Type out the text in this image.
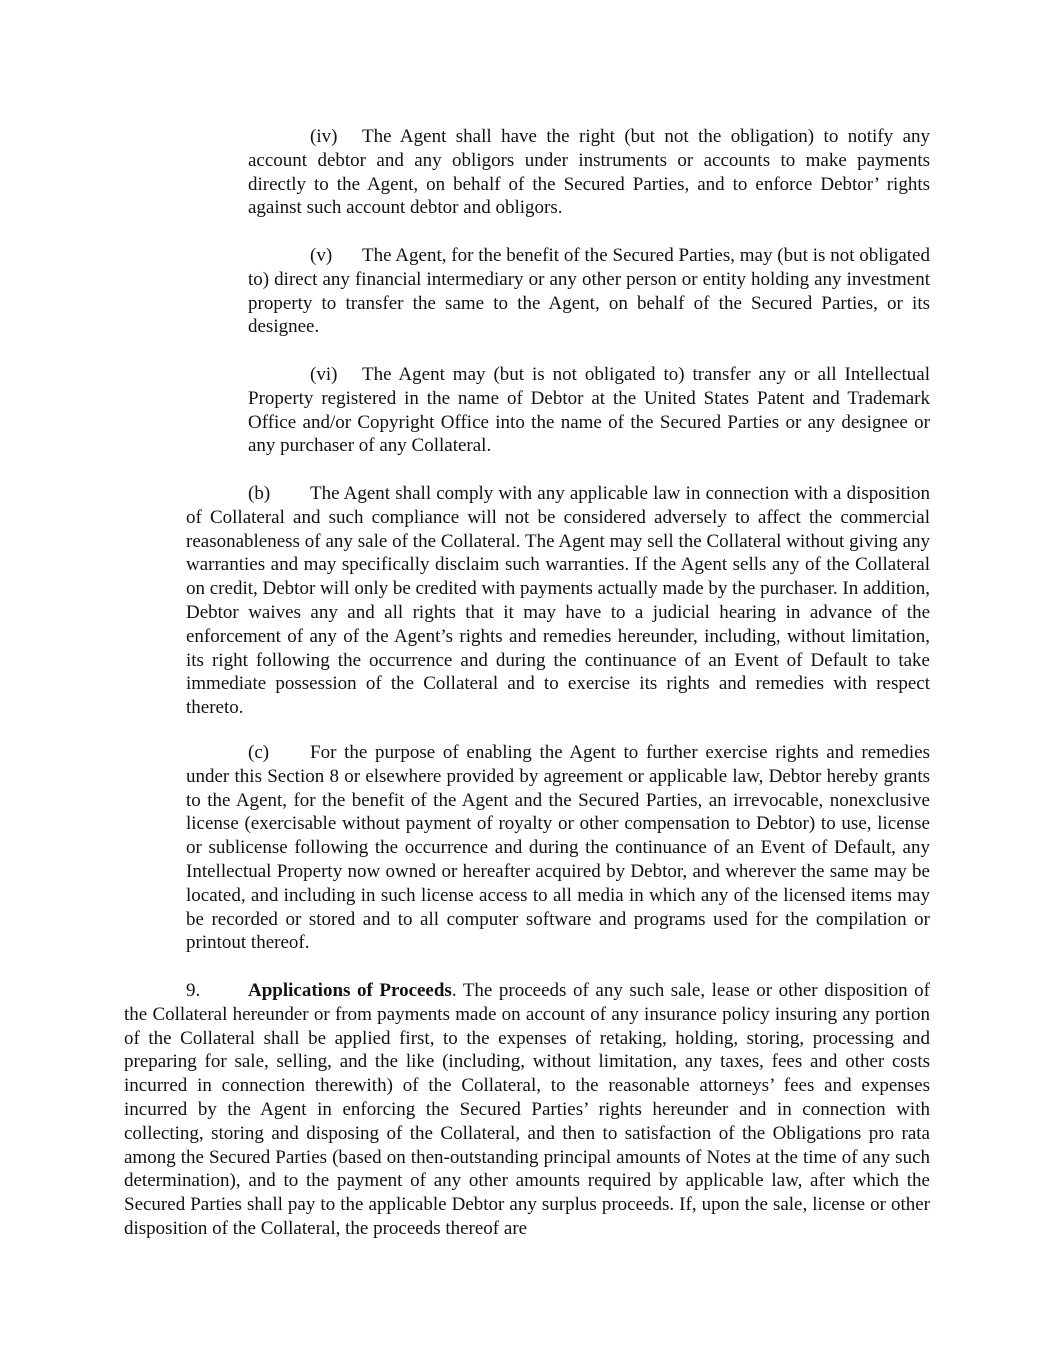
(iv) The Agent shall have the right (but not the obligation) to notify any account debtor and any obligors under instruments or accounts to make payments directly to the Agent, on behalf of the Secured Parties, and to enforce Debtor’ rights against such account debtor and obligors.

(v) The Agent, for the benefit of the Secured Parties, may (but is not obligated to) direct any financial intermediary or any other person or entity holding any investment property to transfer the same to the Agent, on behalf of the Secured Parties, or its designee.

(vi) The Agent may (but is not obligated to) transfer any or all Intellectual Property registered in the name of Debtor at the United States Patent and Trademark Office and/or Copyright Office into the name of the Secured Parties or any designee or any purchaser of any Collateral.

(b) The Agent shall comply with any applicable law in connection with a disposition of Collateral and such compliance will not be considered adversely to affect the commercial reasonableness of any sale of the Collateral. The Agent may sell the Collateral without giving any warranties and may specifically disclaim such warranties. If the Agent sells any of the Collateral on credit, Debtor will only be credited with payments actually made by the purchaser. In addition, Debtor waives any and all rights that it may have to a judicial hearing in advance of the enforcement of any of the Agent’s rights and remedies hereunder, including, without limitation, its right following the occurrence and during the continuance of an Event of Default to take immediate possession of the Collateral and to exercise its rights and remedies with respect thereto.

(c) For the purpose of enabling the Agent to further exercise rights and remedies under this Section 8 or elsewhere provided by agreement or applicable law, Debtor hereby grants to the Agent, for the benefit of the Agent and the Secured Parties, an irrevocable, nonexclusive license (exercisable without payment of royalty or other compensation to Debtor) to use, license or sublicense following the occurrence and during the continuance of an Event of Default, any Intellectual Property now owned or hereafter acquired by Debtor, and wherever the same may be located, and including in such license access to all media in which any of the licensed items may be recorded or stored and to all computer software and programs used for the compilation or printout thereof.

9.	Applications of Proceeds. The proceeds of any such sale, lease or other disposition of the Collateral hereunder or from payments made on account of any insurance policy insuring any portion of the Collateral shall be applied first, to the expenses of retaking, holding, storing, processing and preparing for sale, selling, and the like (including, without limitation, any taxes, fees and other costs incurred in connection therewith) of the Collateral, to the reasonable attorneys’ fees and expenses incurred by the Agent in enforcing the Secured Parties’ rights hereunder and in connection with collecting, storing and disposing of the Collateral, and then to satisfaction of the Obligations pro rata among the Secured Parties (based on then-outstanding principal amounts of Notes at the time of any such determination), and to the payment of any other amounts required by applicable law, after which the Secured Parties shall pay to the applicable Debtor any surplus proceeds. If, upon the sale, license or other disposition of the Collateral, the proceeds thereof are
